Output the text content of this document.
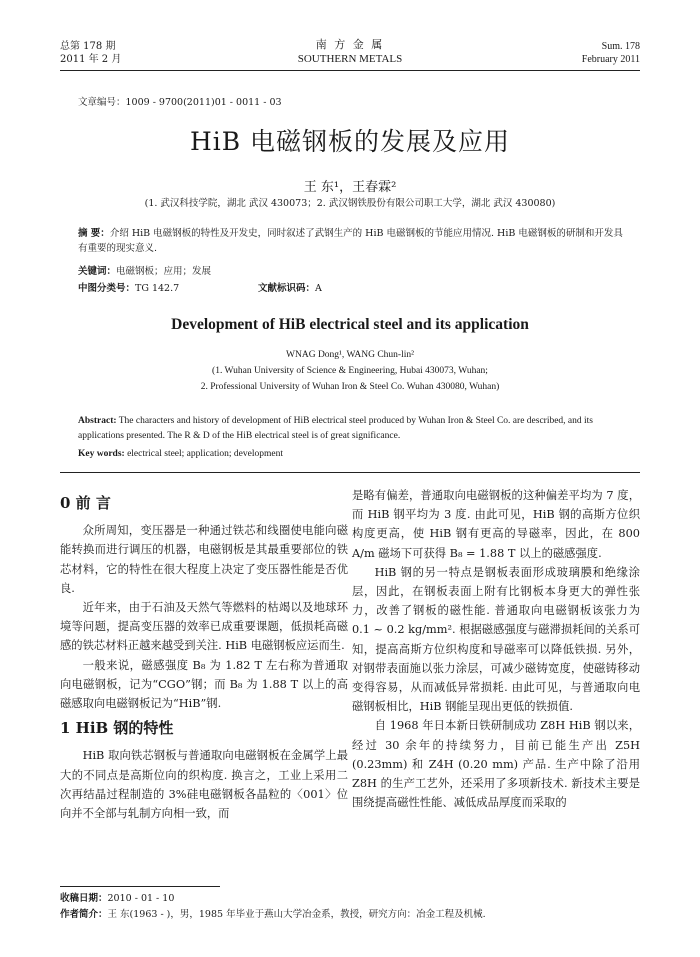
总第 178 期
2011 年 2 月
南 方 金 属
SOUTHERN METALS
Sum. 178
February 2011
文章编号：1009 - 9700(2011)01 - 0011 - 03
HiB 电磁钢板的发展及应用
王 东¹，王春霖²
(1. 武汉科技学院，湖北 武汉 430073；2. 武汉钢铁股份有限公司职工大学，湖北 武汉 430080)
摘 要：介绍 HiB 电磁钢板的特性及开发史，同时叙述了武钢生产的 HiB 电磁钢板的节能应用情况. HiB 电磁钢板的研制和开发具有重要的现实意义.
关键词：电磁钢板；应用；发展
中图分类号：TG 142.7	文献标识码：A
Development of HiB electrical steel and its application
WNAG Dong¹, WANG Chun-lin²
(1. Wuhan University of Science & Engineering, Hubai 430073, Wuhan;
2. Professional University of Wuhan Iron & Steel Co. Wuhan 430080, Wuhan)
Abstract: The characters and history of development of HiB electrical steel produced by Wuhan Iron & Steel Co. are described, and its applications presented. The R & D of the HiB electrical steel is of great significance.
Key words: electrical steel; application; development
0 前 言

众所周知，变压器是一种通过铁芯和线圈使电能向磁能转换而进行调压的机器，电磁钢板是其最重要部位的铁芯材料，它的特性在很大程度上决定了变压器性能是否优良.

近年来，由于石油及天然气等燃料的枯竭以及地球环境等问题，提高变压器的效率已成重要课题，低损耗高磁感的铁芯材料正越来越受到关注. HiB 电磁钢板应运而生.

一般来说，磁感强度 B₈ 为 1.82 T 左右称为普通取向电磁钢板，记为“CGO”钢；而 B₈ 为 1.88 T 以上的高磁感取向电磁钢板记为“HiB”钢.

1 HiB 钢的特性

HiB 取向铁芯钢板与普通取向电磁钢板在金属学上最大的不同点是高斯位向的织构度. 换言之，工业上采用二次再结晶过程制造的 3%硅电磁钢板各晶粒的〈001〉位向并不全部与轧制方向相一致，而

是略有偏差，普通取向电磁钢板的这种偏差平均为 7 度，而 HiB 钢平均为 3 度. 由此可见，HiB 钢的高斯方位织构度更高，使 HiB 钢有更高的导磁率，因此，在 800 A/m 磁场下可获得 B₈ = 1.88 T 以上的磁感强度.

HiB 钢的另一特点是钢板表面形成玻璃膜和绝缘涂层，因此，在钢板表面上附有比钢板本身更大的弹性张力，改善了钢板的磁性能. 普通取向电磁钢板该张力为 0.1 ~ 0.2 kg/mm². 根据磁感强度与磁滞损耗间的关系可知，提高高斯方位织构度和导磁率可以降低铁损. 另外，对钢带表面施以张力涂层，可减少磁铸宽度，使磁铸移动变得容易，从而减低异常损耗. 由此可见，与普通取向电磁钢板相比，HiB 钢能呈现出更低的铁损值.

自 1968 年日本新日铁研制成功 Z8H HiB 钢以来，经过 30 余年的持续努力，目前已能生产出 Z5H (0.23mm) 和 Z4H (0.20 mm) 产品. 生产中除了沿用 Z8H 的生产工艺外，还采用了多项新技术. 新技术主要是围绕提高磁性性能、减低成品厚度而采取的

收稿日期：2010 - 01 - 10
作者简介：王 东(1963 - )，男，1985 年毕业于燕山大学冶金系，教授，研究方向：冶金工程及机械.
